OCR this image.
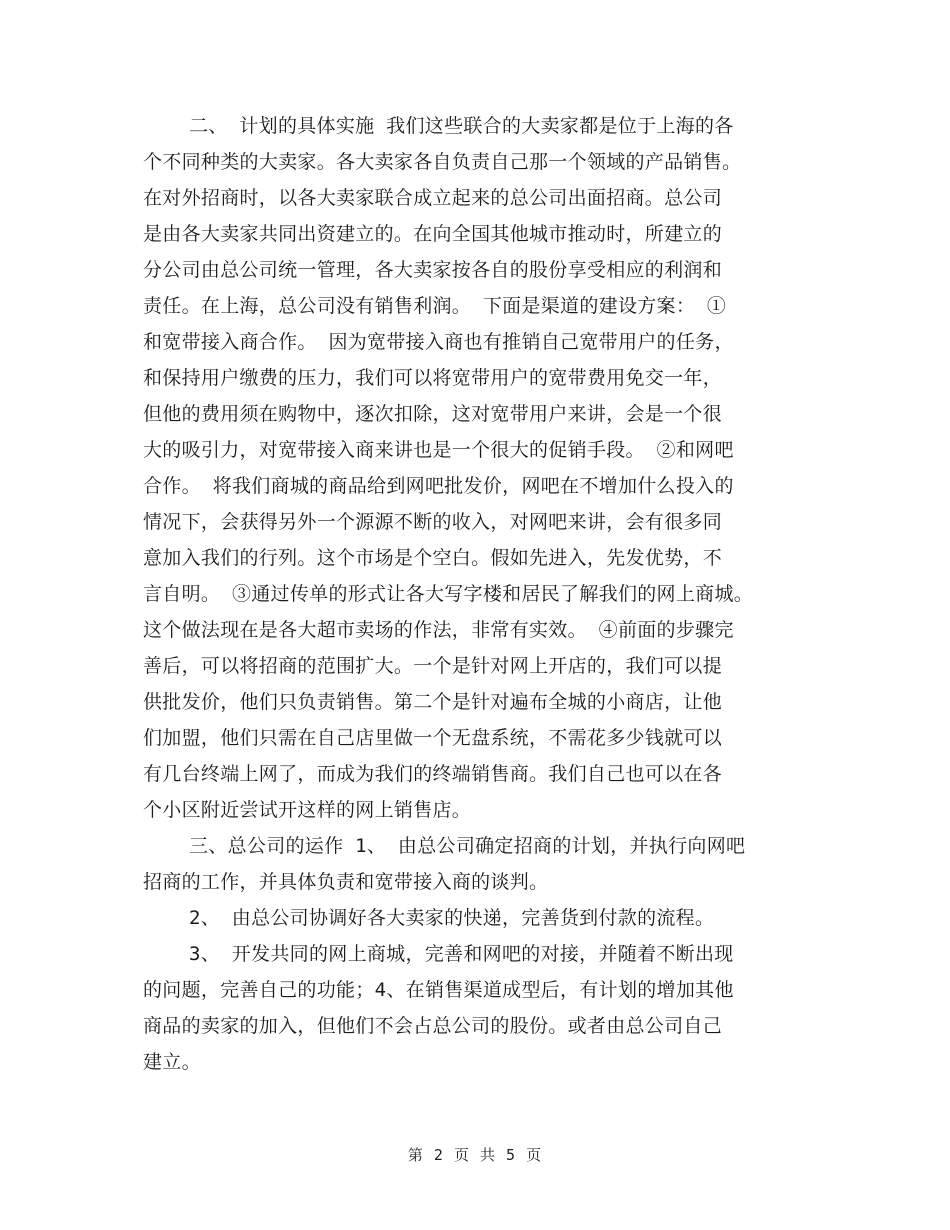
二、 计划的具体实施 我们这些联合的大卖家都是位于上海的各
个不同种类的大卖家。各大卖家各自负责自己那一个领域的产品销售。
在对外招商时，以各大卖家联合成立起来的总公司出面招商。总公司
是由各大卖家共同出资建立的。在向全国其他城市推动时，所建立的
分公司由总公司统一管理，各大卖家按各自的股份享受相应的利润和
责任。在上海，总公司没有销售利润。 下面是渠道的建设方案： ①
和宽带接入商合作。 因为宽带接入商也有推销自己宽带用户的任务，
和保持用户缴费的压力，我们可以将宽带用户的宽带费用免交一年，
但他的费用须在购物中，逐次扣除，这对宽带用户来讲，会是一个很
大的吸引力，对宽带接入商来讲也是一个很大的促销手段。 ②和网吧
合作。 将我们商城的商品给到网吧批发价，网吧在不增加什么投入的
情况下，会获得另外一个源源不断的收入，对网吧来讲，会有很多同
意加入我们的行列。这个市场是个空白。假如先进入，先发优势，不
言自明。 ③通过传单的形式让各大写字楼和居民了解我们的网上商城。
这个做法现在是各大超市卖场的作法，非常有实效。 ④前面的步骤完
善后，可以将招商的范围扩大。一个是针对网上开店的，我们可以提
供批发价，他们只负责销售。第二个是针对遍布全城的小商店，让他
们加盟，他们只需在自己店里做一个无盘系统，不需花多少钱就可以
有几台终端上网了，而成为我们的终端销售商。我们自己也可以在各
个小区附近尝试开这样的网上销售店。
三、总公司的运作 1、 由总公司确定招商的计划，并执行向网吧
招商的工作，并具体负责和宽带接入商的谈判。
2、 由总公司协调好各大卖家的快递，完善货到付款的流程。
3、 开发共同的网上商城，完善和网吧的对接，并随着不断出现
的问题，完善自己的功能；4、在销售渠道成型后，有计划的增加其他
商品的卖家的加入，但他们不会占总公司的股份。或者由总公司自己
建立。
第 2 页 共 5 页
